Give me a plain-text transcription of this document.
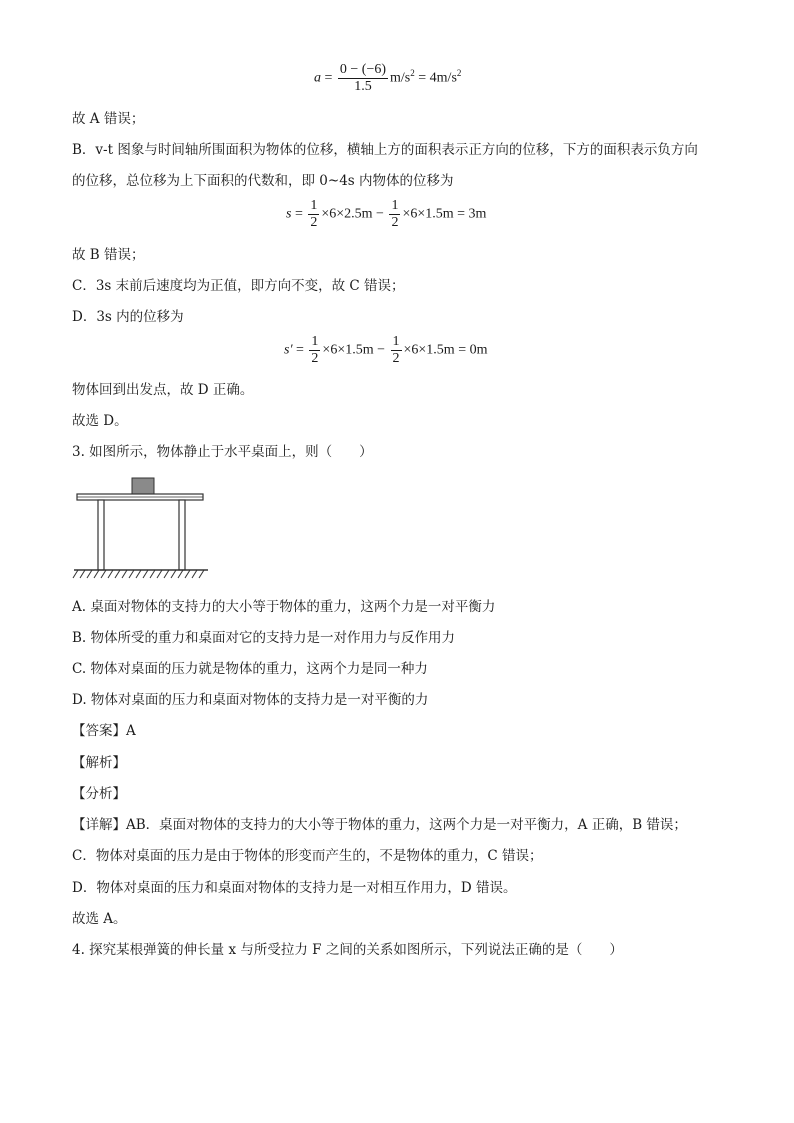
$a = \frac{0 - (-6)}{1.5} m/s^2 = 4m/s^2$
故 A 错误；
B．v-t 图象与时间轴所围面积为物体的位移，横轴上方的面积表示正方向的位移，下方的面积表示负方向
的位移，总位移为上下面积的代数和，即 0~4s 内物体的位移为
$s = \frac{1}{2} \times 6\times 2.5m - \frac{1}{2} \times 6\times 1.5m = 3m$
故 B 错误；
C．3s 末前后速度均为正值，即方向不变，故 C 错误；
D．3s 内的位移为
$s' = \frac{1}{2} \times 6\times 1.5m - \frac{1}{2} \times 6\times 1.5m = 0m$
物体回到出发点，故 D 正确。
故选 D。
3. 如图所示，物体静止于水平桌面上，则（　　）
A. 桌面对物体的支持力的大小等于物体的重力，这两个力是一对平衡力
B. 物体所受的重力和桌面对它的支持力是一对作用力与反作用力
C. 物体对桌面的压力就是物体的重力，这两个力是同一种力
D. 物体对桌面的压力和桌面对物体的支持力是一对平衡的力
【答案】A
【解析】
【分析】
【详解】AB．桌面对物体的支持力的大小等于物体的重力，这两个力是一对平衡力，A 正确，B 错误；
C．物体对桌面的压力是由于物体的形变而产生的，不是物体的重力，C 错误；
D．物体对桌面的压力和桌面对物体的支持力是一对相互作用力，D 错误。
故选 A。
4. 探究某根弹簧的伸长量 x 与所受拉力 F 之间的关系如图所示，下列说法正确的是（　　）
